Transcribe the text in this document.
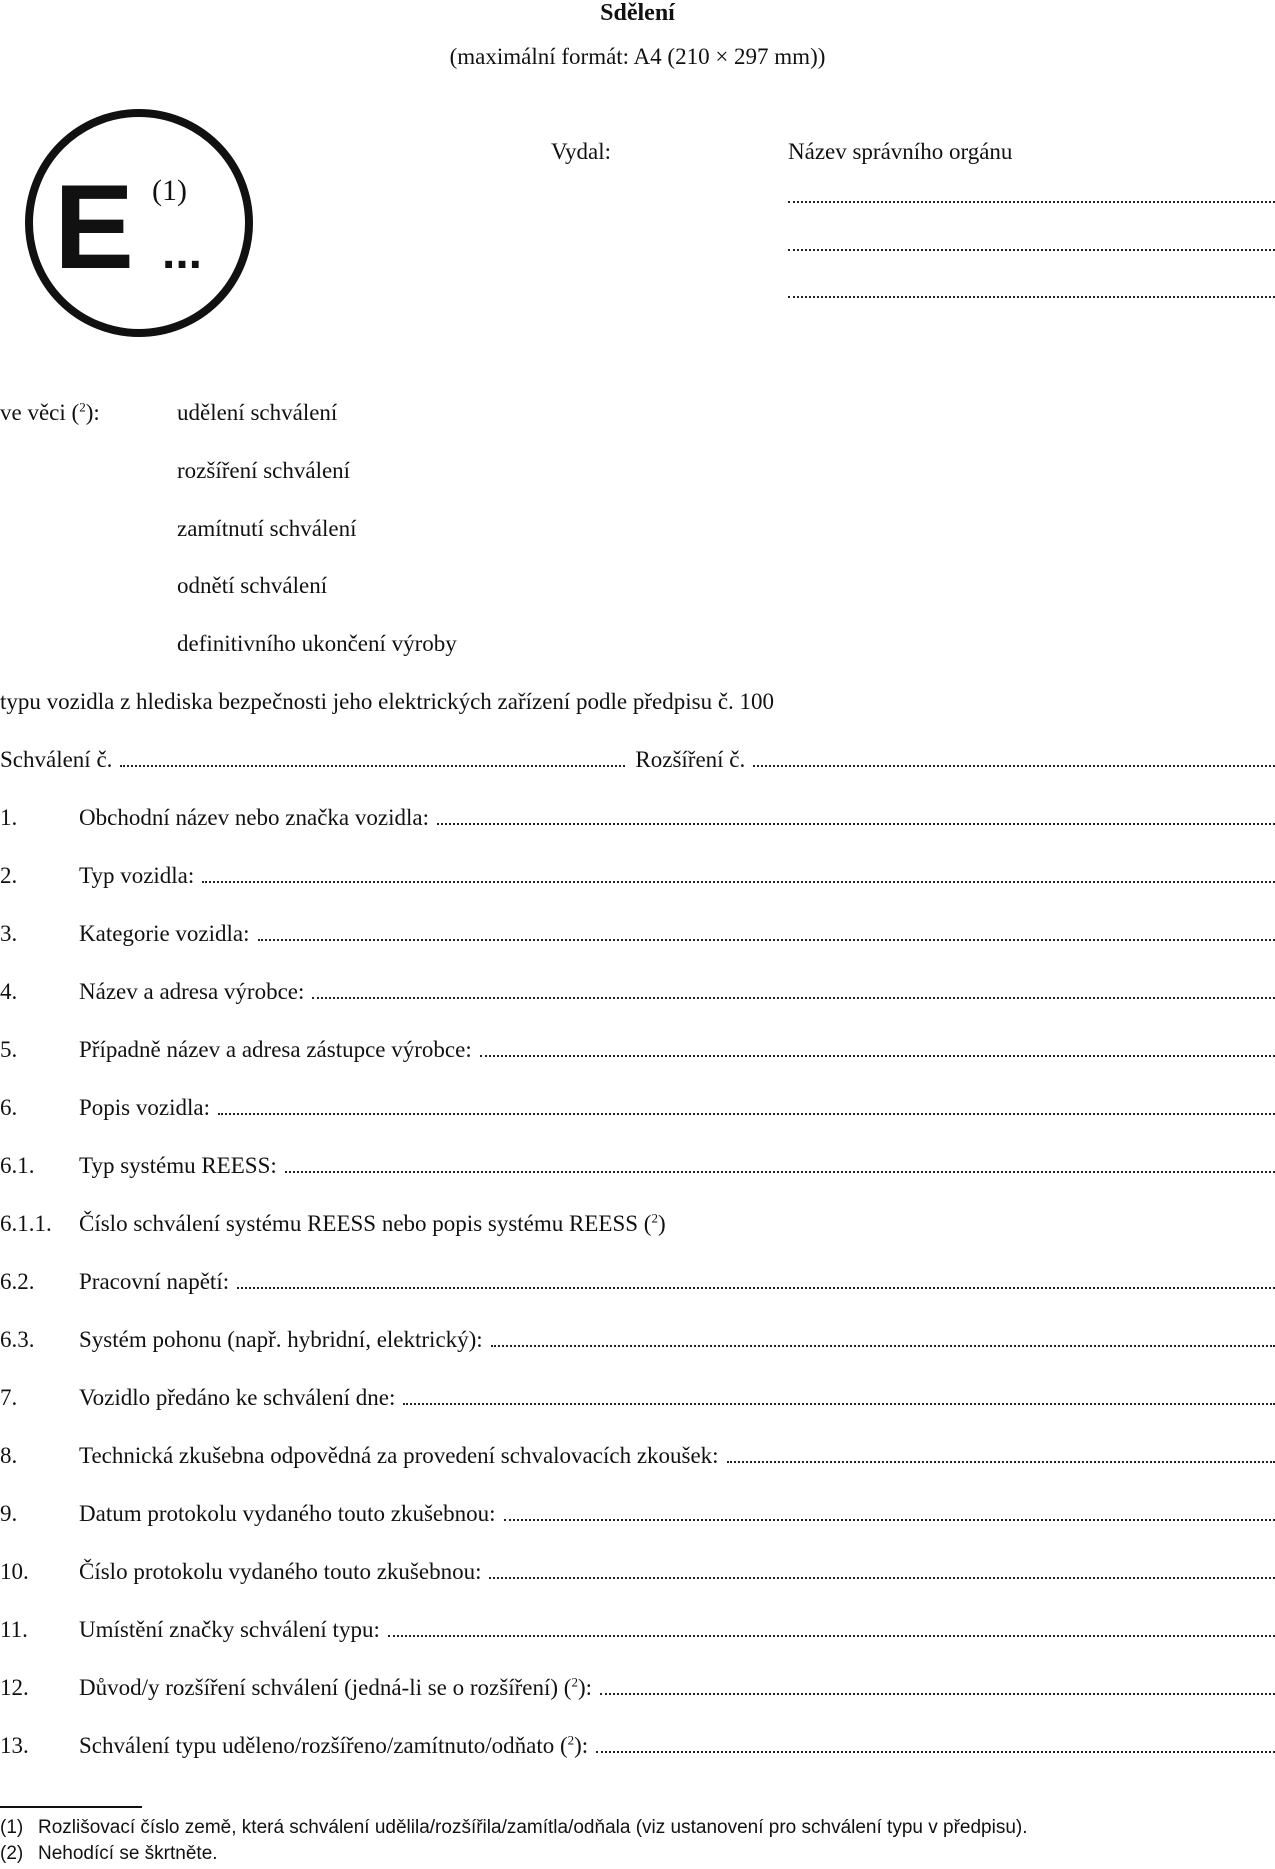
Sdělení
(maximální formát: A4 (210 × 297 mm))
E ...
(1)
Vydal:	Název správního orgánu
ve věci ($^2$):	udělení schválení
rozšíření schválení
zamítnutí schválení
odnětí schválení
definitivního ukončení výroby
typu vozidla z hlediska bezpečnosti jeho elektrických zařízení podle předpisu č. 100
Schválení č.	Rozšíření č.
1.	Obchodní název nebo značka vozidla:
2.	Typ vozidla:
3.	Kategorie vozidla:
4.	Název a adresa výrobce:
5.	Případně název a adresa zástupce výrobce:
6.	Popis vozidla:
6.1.	Typ systému REESS:
6.1.1.	Číslo schválení systému REESS nebo popis systému REESS ($^2$)
6.2.	Pracovní napětí:
6.3.	Systém pohonu (např. hybridní, elektrický):
7.	Vozidlo předáno ke schválení dne:
8.	Technická zkušebna odpovědná za provedení schvalovacích zkoušek:
9.	Datum protokolu vydaného touto zkušebnou:
10.	Číslo protokolu vydaného touto zkušebnou:
11.	Umístění značky schválení typu:
12.	Důvod/y rozšíření schválení (jedná-li se o rozšíření) ($^2$):
13.	Schválení typu uděleno/rozšířeno/zamítnuto/odňato ($^2$):
(1) Rozlišovací číslo země, která schválení udělila/rozšířila/zamítla/odňala (viz ustanovení pro schválení typu v předpisu).
(2) Nehodící se škrtněte.
